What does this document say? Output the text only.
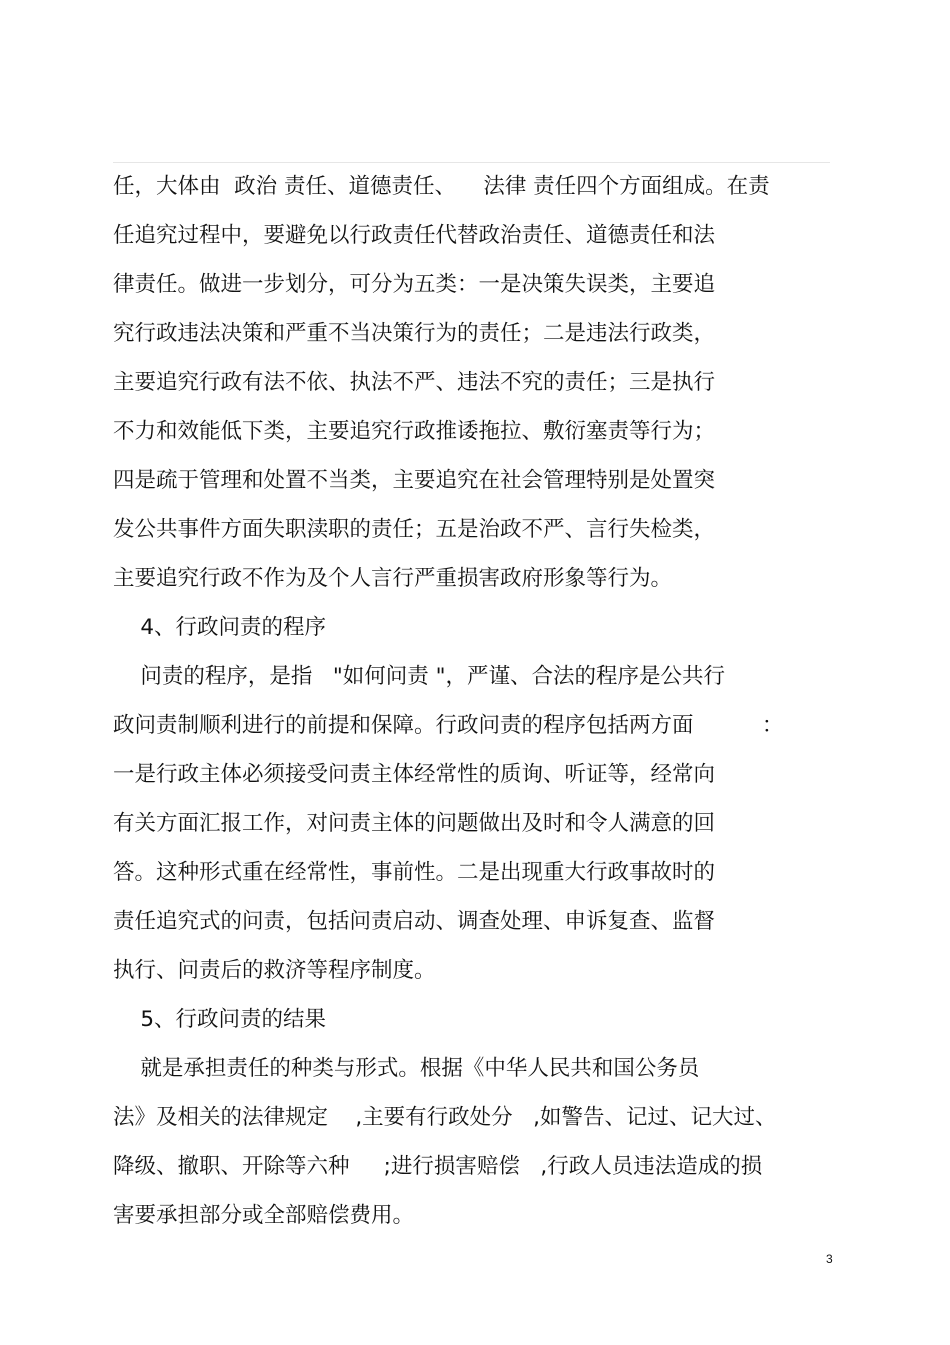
任，大体由  政治 责任、道德责任、    法律 责任四个方面组成。在责
任追究过程中，要避免以行政责任代替政治责任、道德责任和法
律责任。做进一步划分，可分为五类：一是决策失误类，主要追
究行政违法决策和严重不当决策行为的责任；二是违法行政类，
主要追究行政有法不依、执法不严、违法不究的责任；三是执行
不力和效能低下类，主要追究行政推诿拖拉、敷衍塞责等行为；
四是疏于管理和处置不当类，主要追究在社会管理特别是处置突
发公共事件方面失职渎职的责任；五是治政不严、言行失检类，
主要追究行政不作为及个人言行严重损害政府形象等行为。
4、行政问责的程序
问责的程序，是指   "如何问责 "，严谨、合法的程序是公共行
政问责制顺利进行的前提和保障。行政问责的程序包括两方面          ：
一是行政主体必须接受问责主体经常性的质询、听证等，经常向
有关方面汇报工作，对问责主体的问题做出及时和令人满意的回
答。这种形式重在经常性，事前性。二是出现重大行政事故时的
责任追究式的问责，包括问责启动、调查处理、申诉复查、监督
执行、问责后的救济等程序制度。
5、行政问责的结果
就是承担责任的种类与形式。根据《中华人民共和国公务员
法》及相关的法律规定    ,主要有行政处分   ,如警告、记过、记大过、
降级、撤职、开除等六种     ;进行损害赔偿   ,行政人员违法造成的损
害要承担部分或全部赔偿费用。
3
